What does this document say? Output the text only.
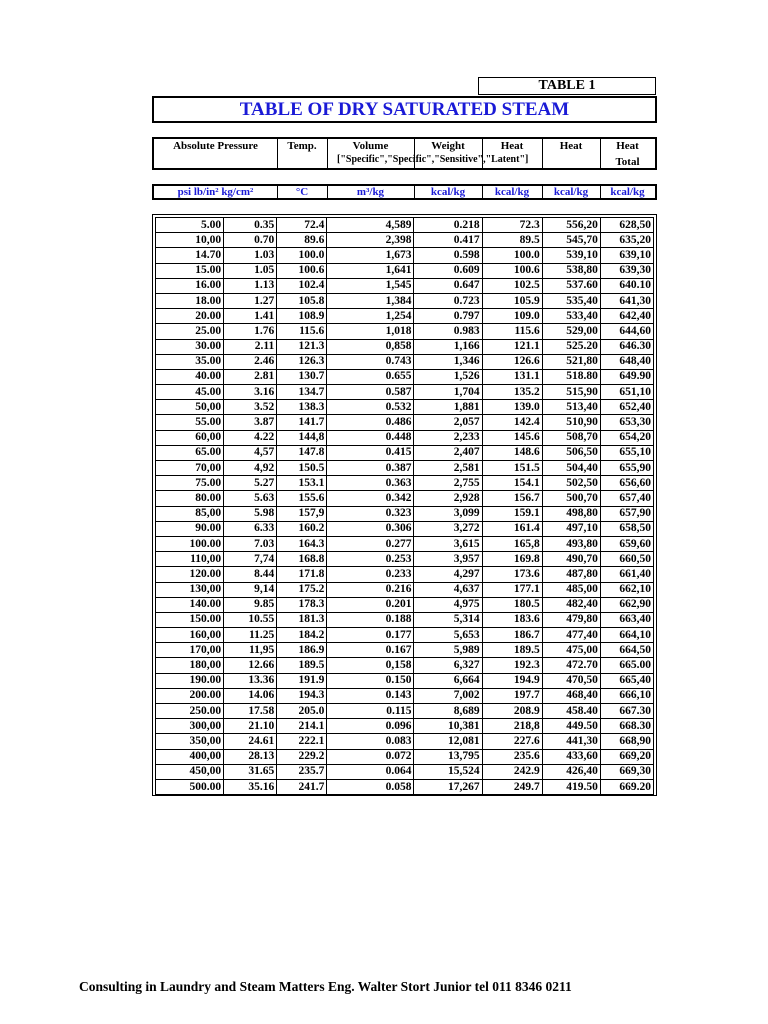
TABLE 1
TABLE OF DRY SATURATED STEAM
Absolute Pressure	Temp.	Volume	Weight	Heat	Heat	Heat
Total
["Specific","Specific","Sensitive","Latent"]
psi lb/in² kg/cm²	°C	m³/kg	kcal/kg	kcal/kg	kcal/kg	kcal/kg
5.00	0.35	72.4	4,589	0.218	72.3	556,20	628,50
10,00	0.70	89.6	2,398	0.417	89.5	545,70	635,20
14.70	1.03	100.0	1,673	0.598	100.0	539,10	639,10
15.00	1.05	100.6	1,641	0.609	100.6	538,80	639,30
16.00	1.13	102.4	1,545	0.647	102.5	537.60	640.10
18.00	1.27	105.8	1,384	0.723	105.9	535,40	641,30
20.00	1.41	108.9	1,254	0.797	109.0	533,40	642,40
25.00	1.76	115.6	1,018	0.983	115.6	529,00	644,60
30.00	2.11	121.3	0,858	1,166	121.1	525.20	646.30
35.00	2.46	126.3	0.743	1,346	126.6	521,80	648,40
40.00	2.81	130.7	0.655	1,526	131.1	518.80	649.90
45.00	3.16	134.7	0.587	1,704	135.2	515,90	651,10
50,00	3.52	138.3	0.532	1,881	139.0	513,40	652,40
55.00	3.87	141.7	0.486	2,057	142.4	510,90	653,30
60,00	4.22	144,8	0.448	2,233	145.6	508,70	654,20
65.00	4,57	147.8	0.415	2,407	148.6	506,50	655,10
70,00	4,92	150.5	0.387	2,581	151.5	504,40	655,90
75.00	5.27	153.1	0.363	2,755	154.1	502,50	656,60
80.00	5.63	155.6	0.342	2,928	156.7	500,70	657,40
85,00	5.98	157,9	0.323	3,099	159.1	498,80	657,90
90.00	6.33	160.2	0.306	3,272	161.4	497,10	658,50
100.00	7.03	164.3	0.277	3,615	165,8	493,80	659,60
110,00	7,74	168.8	0.253	3,957	169.8	490,70	660,50
120.00	8.44	171.8	0.233	4,297	173.6	487,80	661,40
130,00	9,14	175.2	0.216	4,637	177.1	485,00	662,10
140.00	9.85	178.3	0.201	4,975	180.5	482,40	662,90
150.00	10.55	181.3	0.188	5,314	183.6	479,80	663,40
160,00	11.25	184.2	0.177	5,653	186.7	477,40	664,10
170,00	11,95	186.9	0.167	5,989	189.5	475,00	664,50
180,00	12.66	189.5	0,158	6,327	192.3	472.70	665.00
190.00	13.36	191.9	0.150	6,664	194.9	470,50	665,40
200.00	14.06	194.3	0.143	7,002	197.7	468,40	666,10
250.00	17.58	205.0	0.115	8,689	208.9	458.40	667.30
300,00	21.10	214.1	0.096	10,381	218,8	449.50	668.30
350,00	24.61	222.1	0.083	12,081	227.6	441,30	668,90
400,00	28.13	229.2	0.072	13,795	235.6	433,60	669,20
450,00	31.65	235.7	0.064	15,524	242.9	426,40	669,30
500.00	35.16	241.7	0.058	17,267	249.7	419.50	669.20
Consulting in Laundry and Steam Matters Eng. Walter Stort Junior tel 011 8346 0211
